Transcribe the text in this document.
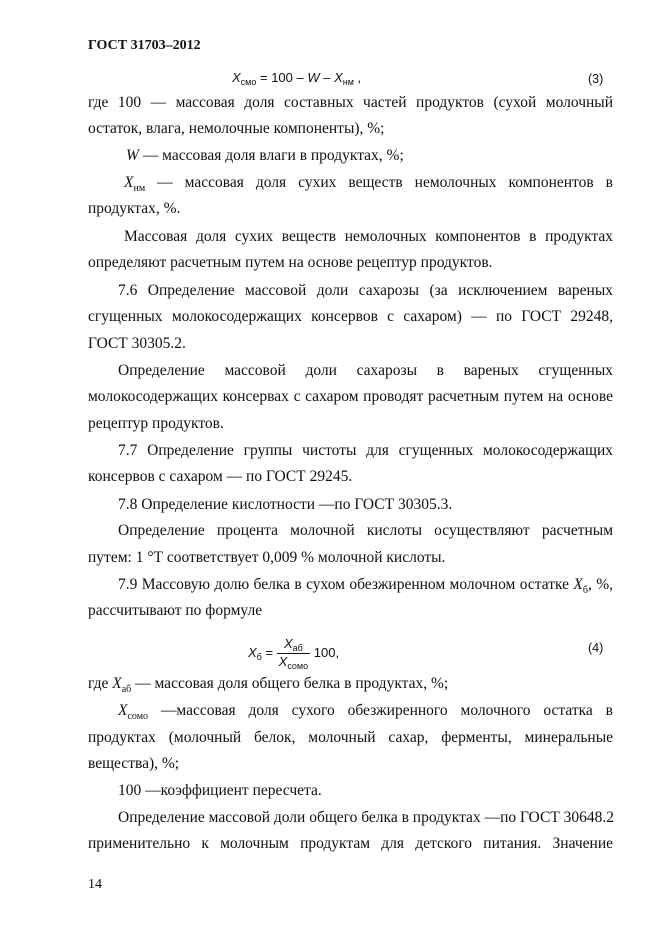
ГОСТ 31703–2012
$X_{смо} = 100 - W - X_{нм}$ ,	(3)
где 100 — массовая доля составных частей продуктов (сухой молочный
остаток, влага, немолочные компоненты), %;
W — массовая доля влаги в продуктах, %;
$X_{нм}$ — массовая доля сухих веществ немолочных компонентов в
продуктах, %.
Массовая доля сухих веществ немолочных компонентов в продуктах
определяют расчетным путем на основе рецептур продуктов.
7.6 Определение массовой доли сахарозы (за исключением вареных
сгущенных молокосодержащих консервов с сахаром) — по ГОСТ 29248,
ГОСТ 30305.2.
Определение массовой доли сахарозы в вареных сгущенных
молокосодержащих консервах с сахаром проводят расчетным путем на основе
рецептур продуктов.
7.7 Определение группы чистоты для сгущенных молокосодержащих
консервов с сахаром — по ГОСТ 29245.
7.8 Определение кислотности —по ГОСТ 30305.3.
Определение процента молочной кислоты осуществляют расчетным
путем: 1 °Т соответствует 0,009 % молочной кислоты.
7.9 Массовую долю белка в сухом обезжиренном молочном остатке $X_б$, %,
рассчитывают по формуле
$X_б = \frac{X_{аб}}{X_{сомо}} 100$,	(4)
где $X_{аб}$ — массовая доля общего белка в продуктах, %;
$X_{сомо}$ —массовая доля сухого обезжиренного молочного остатка в
продуктах (молочный белок, молочный сахар, ферменты, минеральные
вещества), %;
100 —коэффициент пересчета.
Определение массовой доли общего белка в продуктах —по ГОСТ 30648.2
применительно к молочным продуктам для детского питания. Значение
14
